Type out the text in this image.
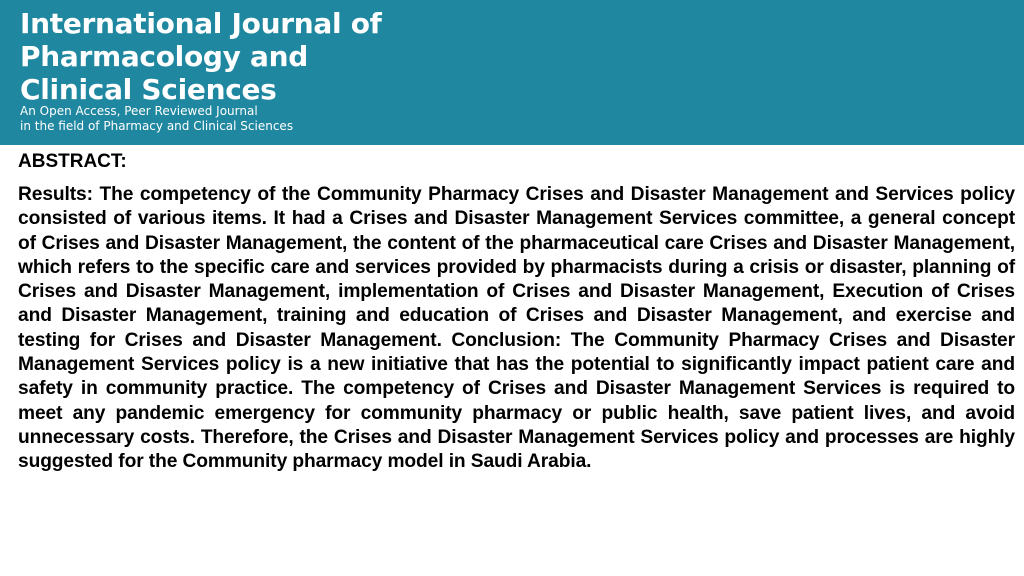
International Journal of
Pharmacology and
Clinical Sciences

An Open Access, Peer Reviewed Journal
in the field of Pharmacy and Clinical Sciences

ABSTRACT:

Results: The competency of the Community Pharmacy Crises and Disaster Management and Services policy consisted of various items. It had a Crises and Disaster Management Services committee, a general concept of Crises and Disaster Management, the content of the pharmaceutical care Crises and Disaster Management, which refers to the specific care and services provided by pharmacists during a crisis or disaster, planning of Crises and Disaster Management, implementation of Crises and Disaster Management, Execution of Crises and Disaster Management, training and education of Crises and Disaster Management, and exercise and testing for Crises and Disaster Management. Conclusion: The Community Pharmacy Crises and Disaster Management Services policy is a new initiative that has the potential to significantly impact patient care and safety in community practice. The competency of Crises and Disaster Management Services is required to meet any pandemic emergency for community pharmacy or public health, save patient lives, and avoid unnecessary costs. Therefore, the Crises and Disaster Management Services policy and processes are highly suggested for the Community pharmacy model in Saudi Arabia.
